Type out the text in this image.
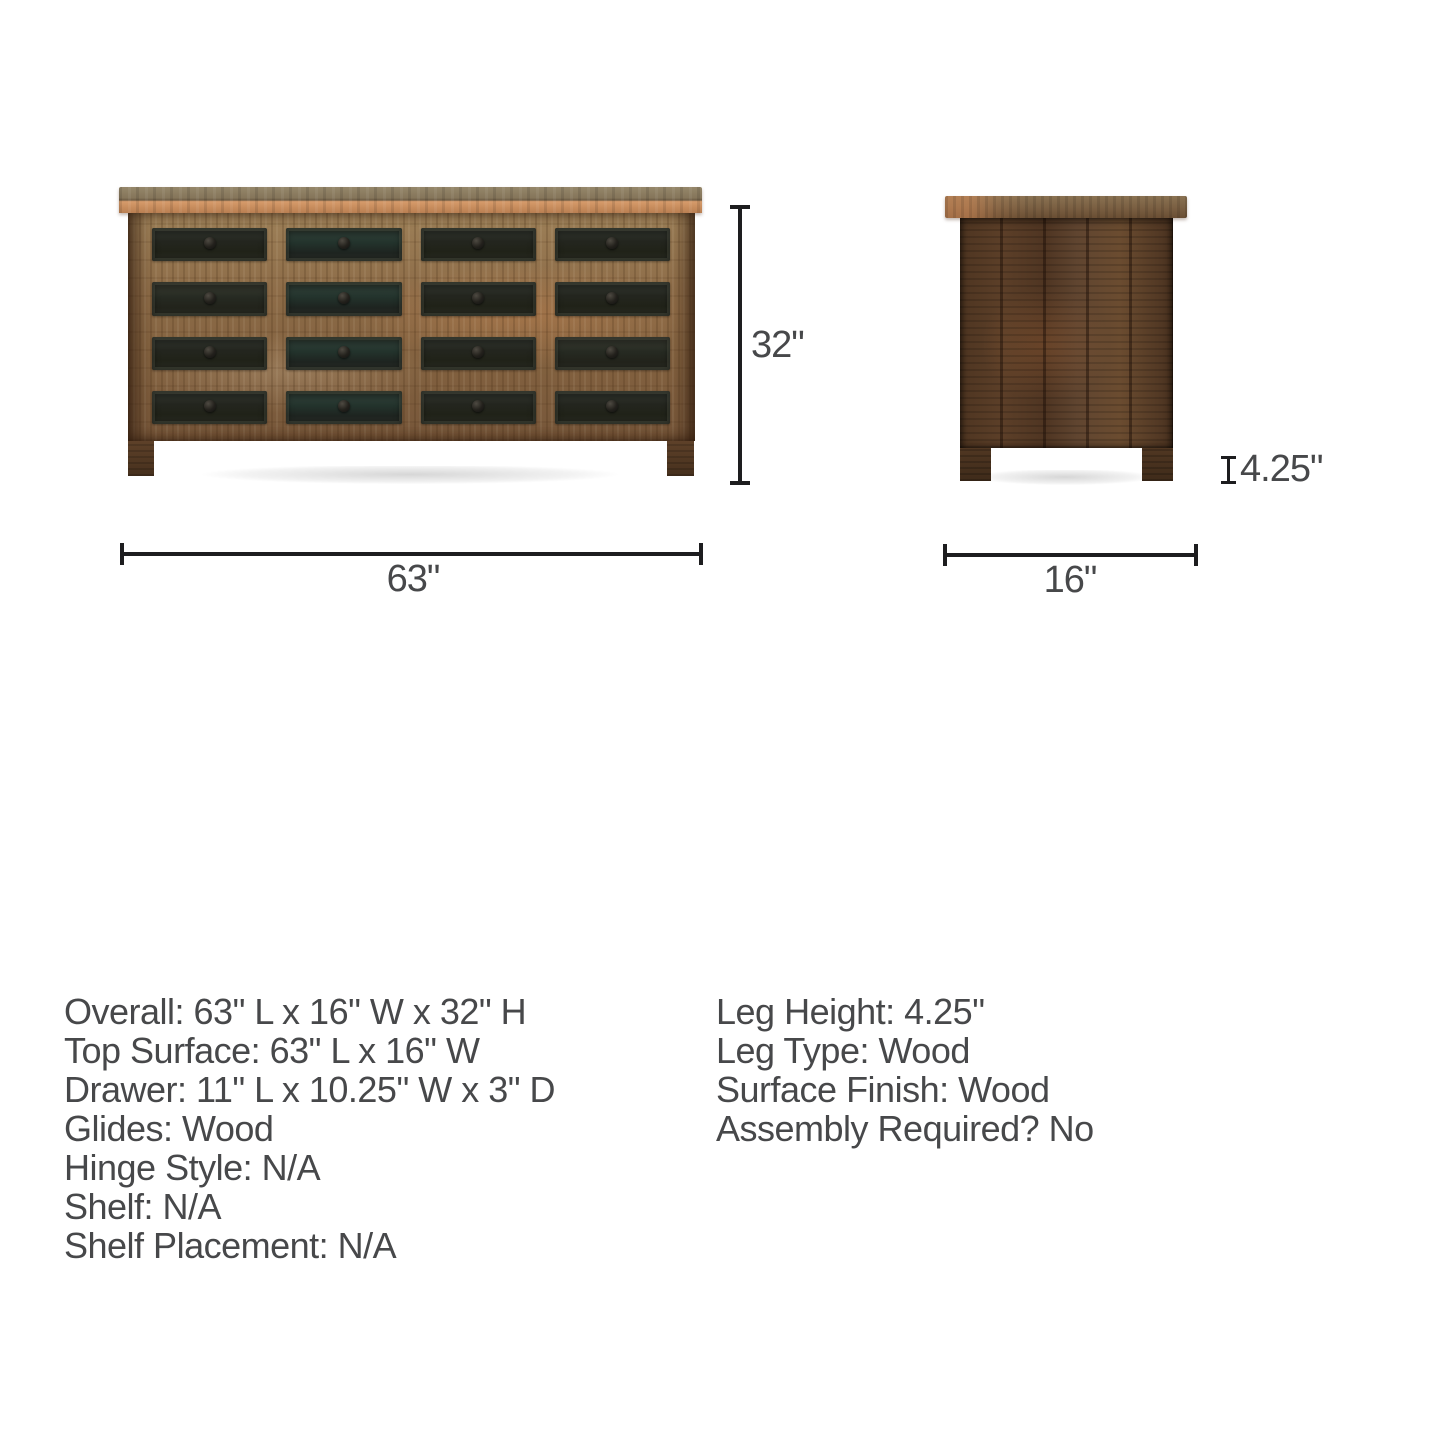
32"
63"	16"
4.25"
Overall: 63" L x 16" W x 32" H
Top Surface: 63" L x 16" W
Drawer: 11" L x 10.25" W x 3" D
Glides: Wood
Hinge Style: N/A
Shelf: N/A
Shelf Placement: N/A
Leg Height: 4.25"
Leg Type: Wood
Surface Finish: Wood
Assembly Required? No
